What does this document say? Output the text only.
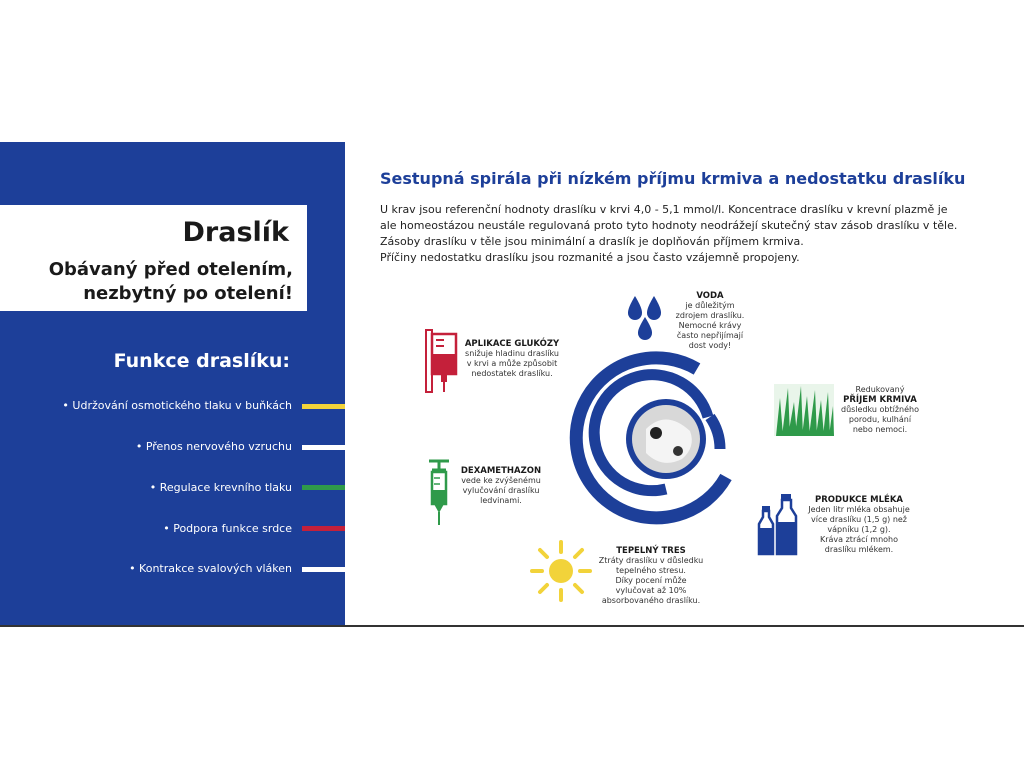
Draslík
Obávaný před otelením,
nezbytný po otelení!
Funkce draslíku:
• Udržování osmotického tlaku v buňkách
• Přenos nervového vzruchu
• Regulace krevního tlaku
• Podpora funkce srdce
• Kontrakce svalových vláken
Sestupná spirála při nízkém příjmu krmiva a nedostatku draslíku
U krav jsou referenční hodnoty draslíku v krvi 4,0 - 5,1 mmol/l. Koncentrace draslíku v krevní plazmě je
ale homeostázou neustále regulovaná proto tyto hodnoty neodrážejí skutečný stav zásob draslíku v těle.
Zásoby draslíku v těle jsou minimální a draslík je doplňován příjmem krmiva.
Příčiny nedostatku draslíku jsou rozmanité a jsou často vzájemně propojeny.
VODA
je důležitým
zdrojem draslíku.
Nemocné krávy
často nepřijímají
dost vody!
APLIKACE GLUKÓZY
snižuje hladinu draslíku
v krvi a může způsobit
nedostatek draslíku.
Redukovaný
PŘÍJEM KRMIVA
důsledku obtížného
porodu, kulhání
nebo nemoci.
DEXAMETHAZON
vede ke zvýšenému
vylučování draslíku
ledvinami.	PRODUKCE MLÉKA
Jeden litr mléka obsahuje
více draslíku (1,5 g) než
vápníku (1,2 g).
Kráva ztrácí mnoho
draslíku mlékem.
TEPELNÝ TRES
Ztráty draslíku v důsledku
tepelného stresu.
Díky pocení může
vylučovat až 10%
absorbovaného draslíku.
